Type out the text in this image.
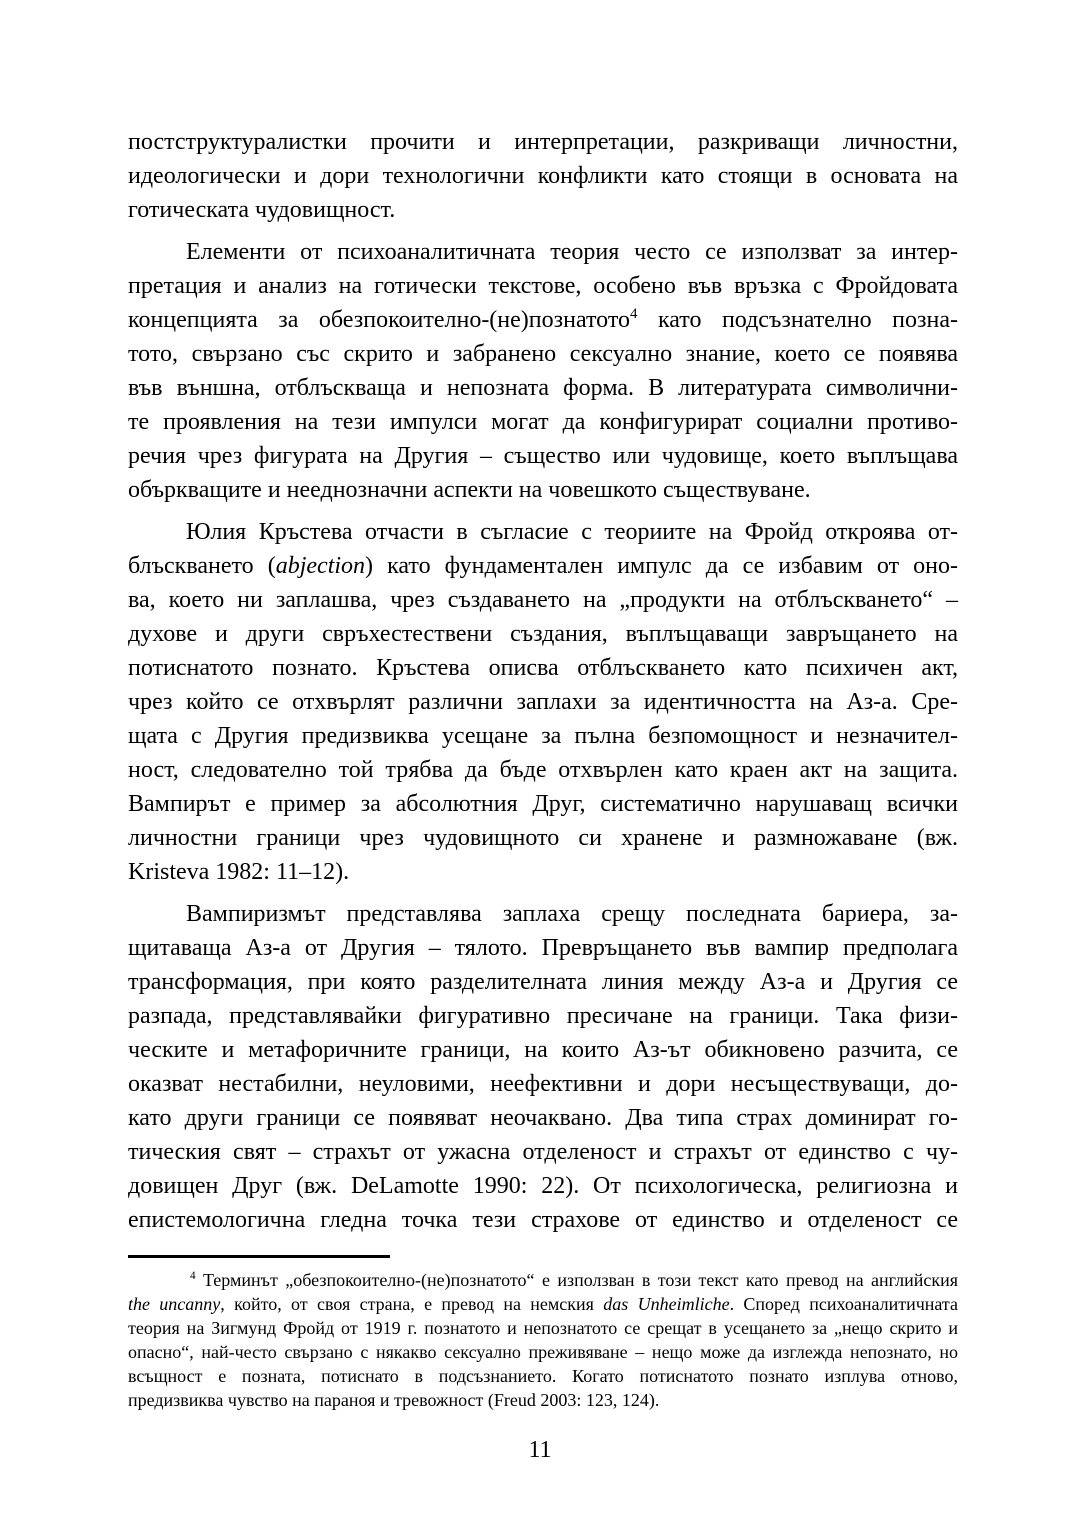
постструктуралистки прочити и интерпретации, разкриващи личностни,
идеологически и дори технологични конфликти като стоящи в основата на
готическата чудовищност.
Елементи от психоаналитичната теория често се използват за интер-
претация и анализ на готически текстове, особено във връзка с Фройдовата
концепцията за обезпокоително-(не)познатото$^4$ като подсъзнателно позна-
тото, свързано със скрито и забранено сексуално знание, което се появява
във външна, отблъскваща и непозната форма. В литературата символични-
те проявления на тези импулси могат да конфигурират социални противо-
речия чрез фигурата на Другия – същество или чудовище, което въплъщава
объркващите и нееднозначни аспекти на човешкото съществуване.
Юлия Кръстева отчасти в съгласие с теориите на Фройд откроява от-
блъскването (abjection) като фундаментален импулс да се избавим от оно-
ва, което ни заплашва, чрез създаването на „продукти на отблъскването“ –
духове и други свръхестествени създания, въплъщаващи завръщането на
потиснатото познато. Кръстева описва отблъскването като психичен акт,
чрез който се отхвърлят различни заплахи за идентичността на Аз-а. Сре-
щата с Другия предизвиква усещане за пълна безпомощност и незначител-
ност, следователно той трябва да бъде отхвърлен като краен акт на защита.
Вампирът е пример за абсолютния Друг, систематично нарушаващ всички
личностни граници чрез чудовищното си хранене и размножаване (вж.
Kristeva 1982: 11–12).
Вампиризмът представлява заплаха срещу последната бариера, за-
щитаваща Аз-а от Другия – тялото. Превръщането във вампир предполага
трансформация, при която разделителната линия между Аз-а и Другия се
разпада, представлявайки фигуративно пресичане на граници. Така физи-
ческите и метафоричните граници, на които Аз-ът обикновено разчита, се
оказват нестабилни, неуловими, неефективни и дори несъществуващи, до-
като други граници се появяват неочаквано. Два типа страх доминират го-
тическия свят – страхът от ужасна отделеност и страхът от единство с чу-
довищен Друг (вж. DeLamotte 1990: 22). От психологическа, религиозна и
епистемологична гледна точка тези страхове от единство и отделеност се
$^4$ Терминът „обезпокоително-(не)познатото“ е използван в този текст като превод на английския
the uncanny, който, от своя страна, е превод на немския das Unheimliche. Според психоаналитичната
теория на Зигмунд Фройд от 1919 г. познатото и непознатото се срещат в усещането за „нещо скрито и
опасно“, най-често свързано с някакво сексуално преживяване – нещо може да изглежда непознато, но
всъщност е позната, потиснато в подсъзнанието. Когато потиснатото познато изплува отново,
предизвиква чувство на параноя и тревожност (Freud 2003: 123, 124).
11
